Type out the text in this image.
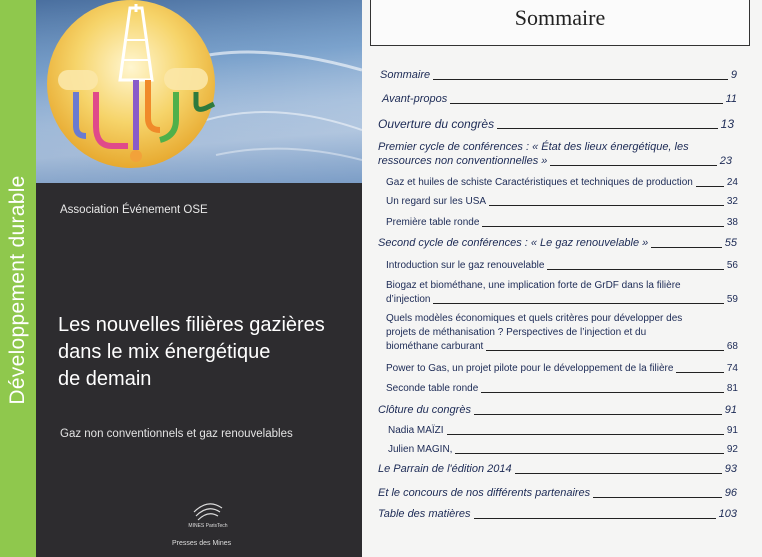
Développement durable	Association Événement OSE
Les nouvelles filières gazières
dans le mix énergétique
de demain
Gaz non conventionnels et gaz renouvelables
MINES ParisTech
Presses des Mines
Sommaire
Sommaire	9
Avant-propos	11
Ouverture du congrès	13
Premier cycle de conférences : « État des lieux énergétique, les
ressources non conventionnelles »	23
Gaz et huiles de schiste Caractéristiques et techniques de production	24
Un regard sur les USA	32
Première table ronde	38
Second cycle de conférences : « Le gaz renouvelable »	55
Introduction sur le gaz renouvelable	56
Biogaz et biométhane, une implication forte de GrDF dans la filière
d’injection	59
Quels modèles économiques et quels critères pour développer des
projets de méthanisation ? Perspectives de l’injection et du
biométhane carburant	68
Power to Gas, un projet pilote pour le développement de la filière	74
Seconde table ronde	81
Clôture du congrès	91
Nadia MAÏZI	91
Julien MAGIN,	92
Le Parrain de l'édition 2014	93
Et le concours de nos différents partenaires	96
Table des matières	103
